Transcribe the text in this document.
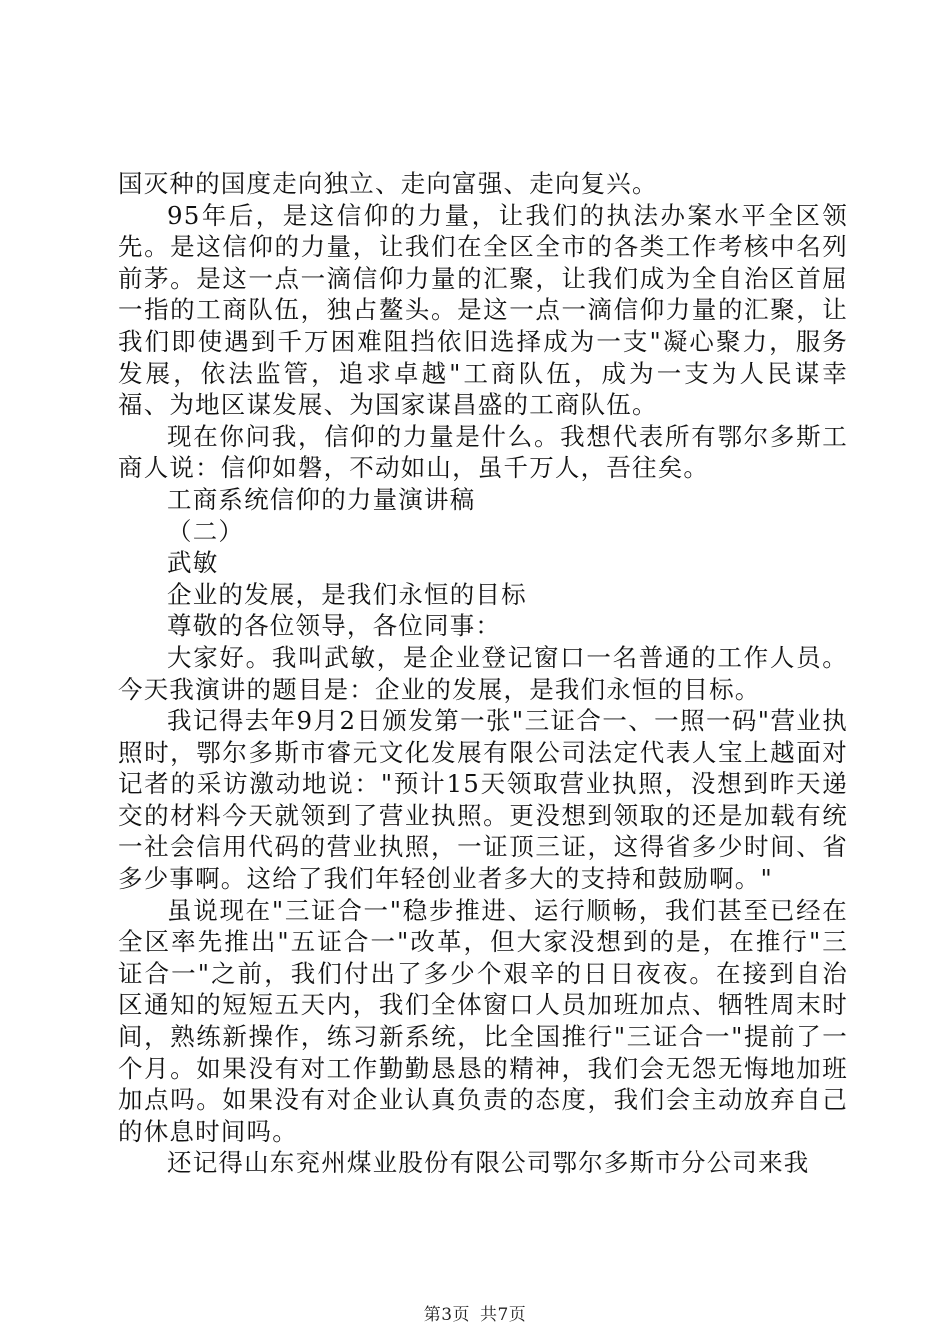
国灭种的国度走向独立、走向富强、走向复兴。

95年后，是这信仰的力量，让我们的执法办案水平全区领先。是这信仰的力量，让我们在全区全市的各类工作考核中名列前茅。是这一点一滴信仰力量的汇聚，让我们成为全自治区首屈一指的工商队伍，独占鳌头。是这一点一滴信仰力量的汇聚，让我们即使遇到千万困难阻挡依旧选择成为一支"凝心聚力，服务发展，依法监管，追求卓越"工商队伍，成为一支为人民谋幸福、为地区谋发展、为国家谋昌盛的工商队伍。

现在你问我，信仰的力量是什么。我想代表所有鄂尔多斯工商人说：信仰如磐，不动如山，虽千万人，吾往矣。

工商系统信仰的力量演讲稿

（二）

武敏

企业的发展，是我们永恒的目标

尊敬的各位领导，各位同事：

大家好。我叫武敏，是企业登记窗口一名普通的工作人员。今天我演讲的题目是：企业的发展，是我们永恒的目标。

我记得去年9月2日颁发第一张"三证合一、一照一码"营业执照时，鄂尔多斯市睿元文化发展有限公司法定代表人宝上越面对记者的采访激动地说："预计15天领取营业执照，没想到昨天递交的材料今天就领到了营业执照。更没想到领取的还是加载有统一社会信用代码的营业执照，一证顶三证，这得省多少时间、省多少事啊。这给了我们年轻创业者多大的支持和鼓励啊。"

虽说现在"三证合一"稳步推进、运行顺畅，我们甚至已经在全区率先推出"五证合一"改革，但大家没想到的是，在推行"三证合一"之前，我们付出了多少个艰辛的日日夜夜。在接到自治区通知的短短五天内，我们全体窗口人员加班加点、牺牲周末时间，熟练新操作，练习新系统，比全国推行"三证合一"提前了一个月。如果没有对工作勤勤恳恳的精神，我们会无怨无悔地加班加点吗。如果没有对企业认真负责的态度，我们会主动放弃自己的休息时间吗。

还记得山东兖州煤业股份有限公司鄂尔多斯市分公司来我

第3页 共7页
